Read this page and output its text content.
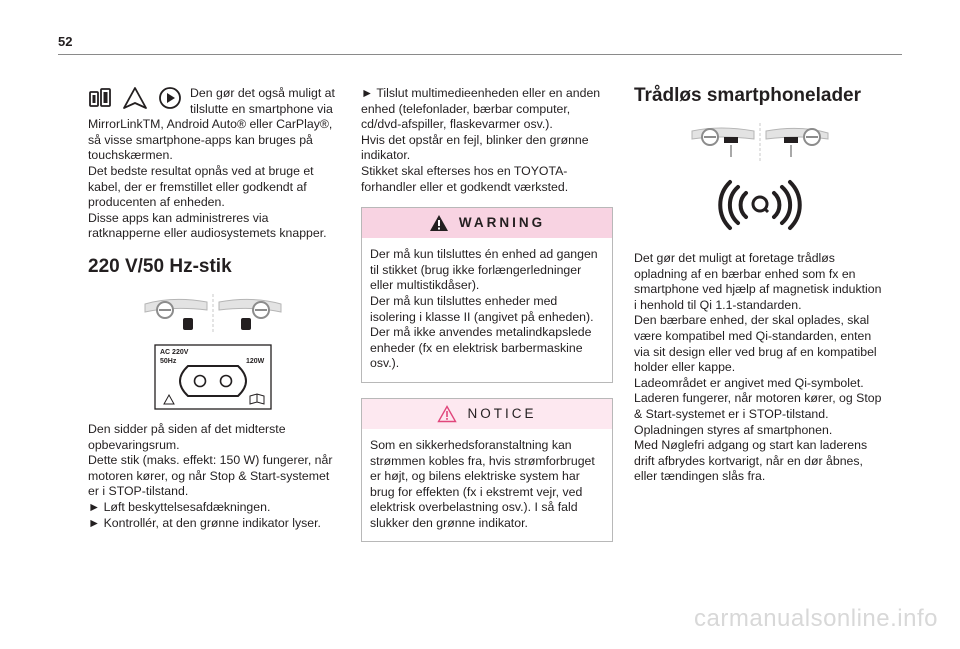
52

Den gør det også muligt at tilslutte en smartphone via

MirrorLinkTM, Android Auto® eller CarPlay®, så visse smartphone-apps kan bruges på touchskærmen.

Det bedste resultat opnås ved at bruge et kabel, der er fremstillet eller godkendt af producenten af enheden.

Disse apps kan administreres via ratknapperne eller audiosystemets knapper.

220 V/50 Hz-stik
AC 220V
50Hz	120W

Den sidder på siden af det midterste opbevaringsrum.

Dette stik (maks. effekt: 150 W) fungerer, når motoren kører, og når Stop & Start-systemet er i STOP-tilstand.

► Løft beskyttelsesafdækningen.

► Kontrollér, at den grønne indikator lyser.

► Tilslut multimedieenheden eller en anden enhed (telefonlader, bærbar computer, cd/dvd-afspiller, flaskevarmer osv.).

Hvis det opstår en fejl, blinker den grønne indikator.

Stikket skal efterses hos en TOYOTA-forhandler eller et godkendt værksted.

WARNING

Der må kun tilsluttes én enhed ad gangen til stikket (brug ikke forlængerledninger eller multistikdåser).

Der må kun tilsluttes enheder med isolering i klasse II (angivet på enheden).

Der må ikke anvendes metalindkapslede enheder (fx en elektrisk barbermaskine osv.).

NOTICE

Som en sikkerhedsforanstaltning kan strømmen kobles fra, hvis strømforbruget er højt, og bilens elektriske system har brug for effekten (fx i ekstremt vejr, ved elektrisk overbelastning osv.). I så fald slukker den grønne indikator.

Trådløs smartphonelader

Det gør det muligt at foretage trådløs opladning af en bærbar enhed som fx en smartphone ved hjælp af magnetisk induktion i henhold til Qi 1.1-standarden.

Den bærbare enhed, der skal oplades, skal være kompatibel med Qi-standarden, enten via sit design eller ved brug af en kompatibel holder eller kappe.

Ladeområdet er angivet med Qi-symbolet.

Laderen fungerer, når motoren kører, og Stop & Start-systemet er i STOP-tilstand.

Opladningen styres af smartphonen.

Med Nøglefri adgang og start kan laderens drift afbrydes kortvarigt, når en dør åbnes, eller tændingen slås fra.

carmanualsonline.info
